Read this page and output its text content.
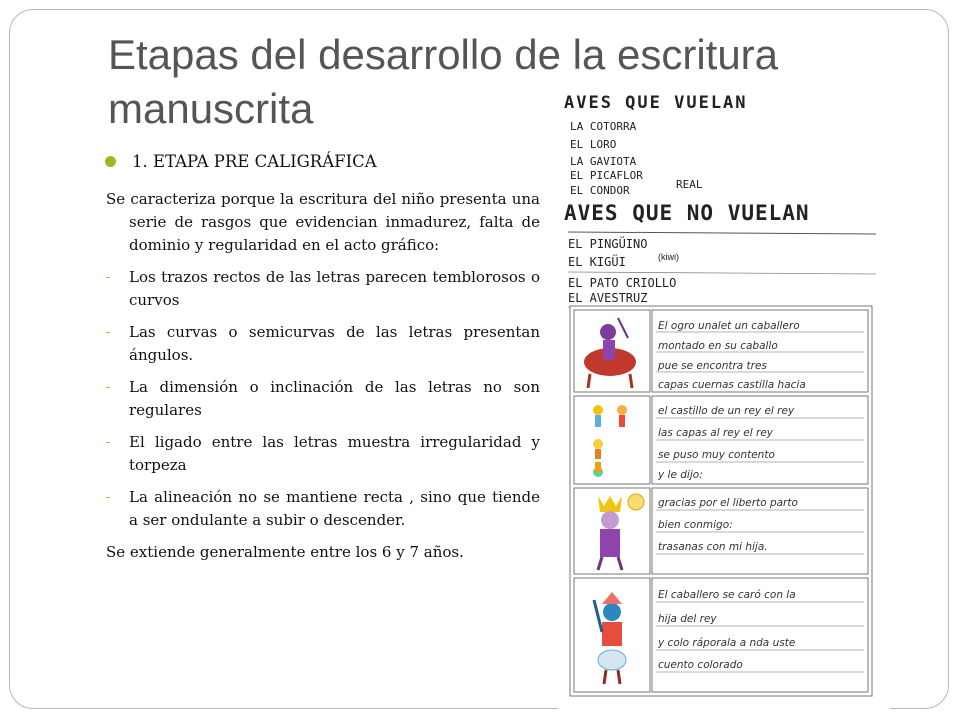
Etapas del desarrollo de la escritura manuscrita
1. ETAPA PRE CALIGRÁFICA

Se caracteriza porque la escritura del niño presenta una serie de rasgos que evidencian inmadurez, falta de dominio y regularidad en el acto gráfico:

-	Los trazos rectos de las letras parecen temblorosos o curvos
-	Las curvas o semicurvas de las letras presentan ángulos.
-	La dimensión o inclinación de las letras no son regulares
-	El ligado entre las letras muestra irregularidad y torpeza
-	La alineación no se mantiene recta , sino que tiende a ser ondulante a subir o descender.

Se extiende generalmente entre los 6 y 7 años.

AVES QUE VUELAN
LA COTORRA
EL LORO
LA GAVIOTA
EL PICAFLOR
EL CONDOR	REAL
AVES QUE NO VUELAN
EL PINGÜINO
EL KIGÜI	(kiwi)
EL PATO CRIOLLO
EL AVESTRUZ
El ogro unalet un caballero
montado en su caballo
pue se encontra tres
capas cuernas castilla hacia
el castillo de un rey el rey
las capas al rey el rey
se puso muy contento
y le dijo:
gracias por el liberto parto
bien conmigo:
trasanas con mi hija.
El caballero se caró con la
hija del rey
y colo ráporala a nda uste
cuento colorado
